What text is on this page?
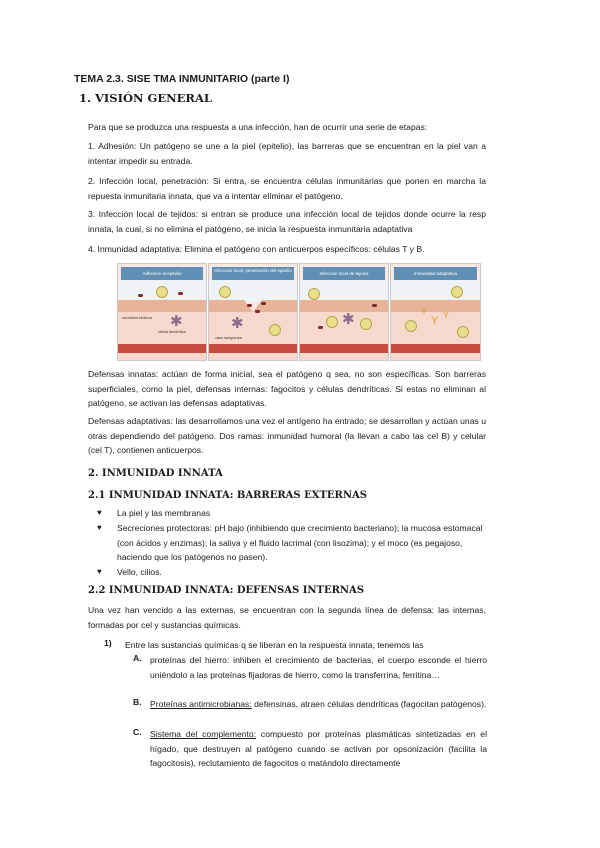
TEMA 2.3. SISE TMA INMUNITARIO (parte I)
1. VISIÓN GENERAL
Para que se produzca una respuesta a una infección, han de ocurrir una serie de etapas:
1. Adhesión: Un patógeno se une a la piel (epitelio), las barreras que se encuentran en la piel van a intentar impedir su entrada.
2. Infección local, penetración: Si entra, se encuentra células inmunitarias que ponen en marcha la repuesta inmunitaria innata, que va a intentar eliminar el patógeno.
3. Infección local de tejidos: si entran se produce una infección local de tejidos donde ocurre la resp innata, la cual, si no elimina el patógeno, se inicia la respuesta inmunitaria adaptativa
4. Inmunidad adaptativa: Elimina el patógeno con anticuerpos específicos: células T y B.
Adhesión al epitelio
✱
microbios bióticos
célula dendrítica
Infección local, penetración del epitelio
✱
vaso sanguíneo
Infección local de tejidos
✱
Inmunidad adaptativa
Y
Y Y
Defensas innatas: actúan de forma inicial, sea el patógeno q sea, no son específicas. Son barreras superficiales, como la piel, defensas internas: fagocitos y células dendríticas. Si estas no eliminan al patógeno, se activan las defensas adaptativas.
Defensas adaptativas: las desarrollamos una vez el antígeno ha entrado; se desarrollan y actúan unas u otras dependiendo del patógeno. Dos ramas: inmunidad humoral (la llevan a cabo las cel B) y celular (cel T), contienen anticuerpos.
2. INMUNIDAD INNATA
2.1 INMUNIDAD INNATA: BARRERAS EXTERNAS
♥ La piel y las membranas
♥ Secreciones protectoras: pH bajo (inhibiendo que crecimiento bacteriano); la mucosa estomacal (con ácidos y enzimas); la saliva y el fluido lacrimal (con lisozima); y el moco (es pegajoso, haciendo que los patógenos no pasen).
♥ Vello, cilios.
2.2 INMUNIDAD INNATA: DEFENSAS INTERNAS
Una vez han vencido a las externas, se encuentran con la segunda línea de defensa: las internas, formadas por cel y sustancias químicas.
1) Entre las sustancias químicas q se liberan en la respuesta innata, tenemos las
A. proteínas del hierro: inhiben el crecimiento de bacterias, el cuerpo esconde el hierro uniéndolo a las proteínas fijadoras de hierro, como la transferrina, ferritina…
B. Proteínas antimicrobianas: defensinas, atraen células dendríticas (fagocitan patógenos).
C. Sistema del complemento: compuesto por proteínas plasmáticas sintetizadas en el hígado, que destruyen al patógeno cuando se activan por opsonización (facilita la fagocitosis), reclutamiento de fagocitos o matándolo directamente
